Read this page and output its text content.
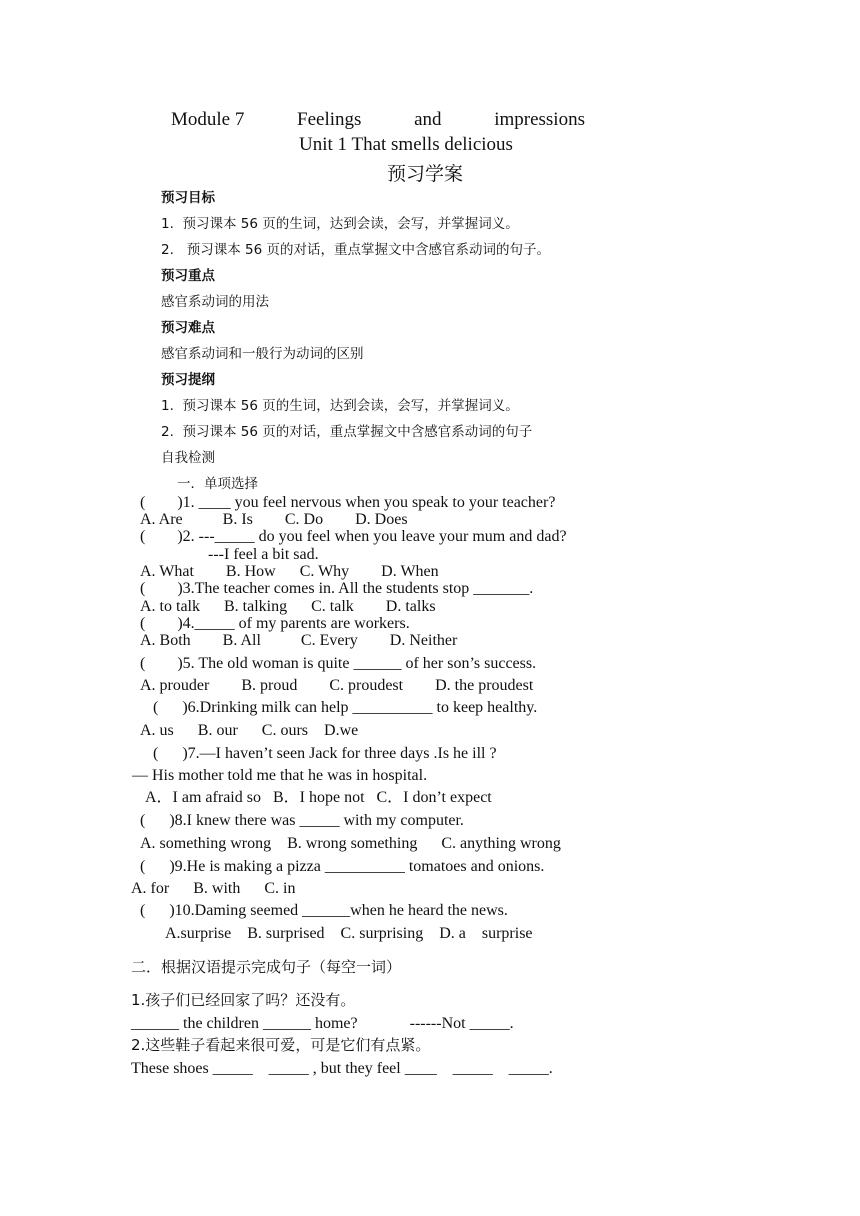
Module 7	Feelings	and	impressions
Unit 1 That smells delicious
预习学案
预习目标
1.  预习课本 56 页的生词，达到会读，会写，并掌握词义。
2.   预习课本 56 页的对话，重点掌握文中含感官系动词的句子。
预习重点
感官系动词的用法
预习难点
感官系动词和一般行为动词的区别
预习提纲
1.  预习课本 56 页的生词，达到会读，会写，并掌握词义。
2.  预习课本 56 页的对话，重点掌握文中含感官系动词的句子
自我检测
一．单项选择
(        )1. ____ you feel nervous when you speak to your teacher?
A. Are          B. Is        C. Do        D. Does
(        )2. ---_____ do you feel when you leave your mum and dad?
---I feel a bit sad.
A. What        B. How      C. Why        D. When
(        )3.The teacher comes in. All the students stop _______.
A. to talk      B. talking      C. talk        D. talks
(        )4._____ of my parents are workers.
A. Both        B. All          C. Every        D. Neither
(        )5. The old woman is quite ______ of her son’s success.
A. prouder        B. proud        C. proudest        D. the proudest
(      )6.Drinking milk can help __________ to keep healthy.
A. us      B. our      C. ours    D.we
(      )7.—I haven’t seen Jack for three days .Is he ill ?
— His mother told me that he was in hospital.
A．I am afraid so   B．I hope not   C．I don’t expect
(      )8.I knew there was _____ with my computer.
A. something wrong    B. wrong something      C. anything wrong
(      )9.He is making a pizza __________ tomatoes and onions.
A. for      B. with      C. in
(      )10.Daming seemed ______when he heard the news.
A.surprise    B. surprised    C. surprising    D. a    surprise
二．根据汉语提示完成句子（每空一词）
1.孩子们已经回家了吗？还没有。
______ the children ______ home?             ------Not _____.
2.这些鞋子看起来很可爱，可是它们有点紧。
These shoes _____    _____ , but they feel ____    _____    _____.
